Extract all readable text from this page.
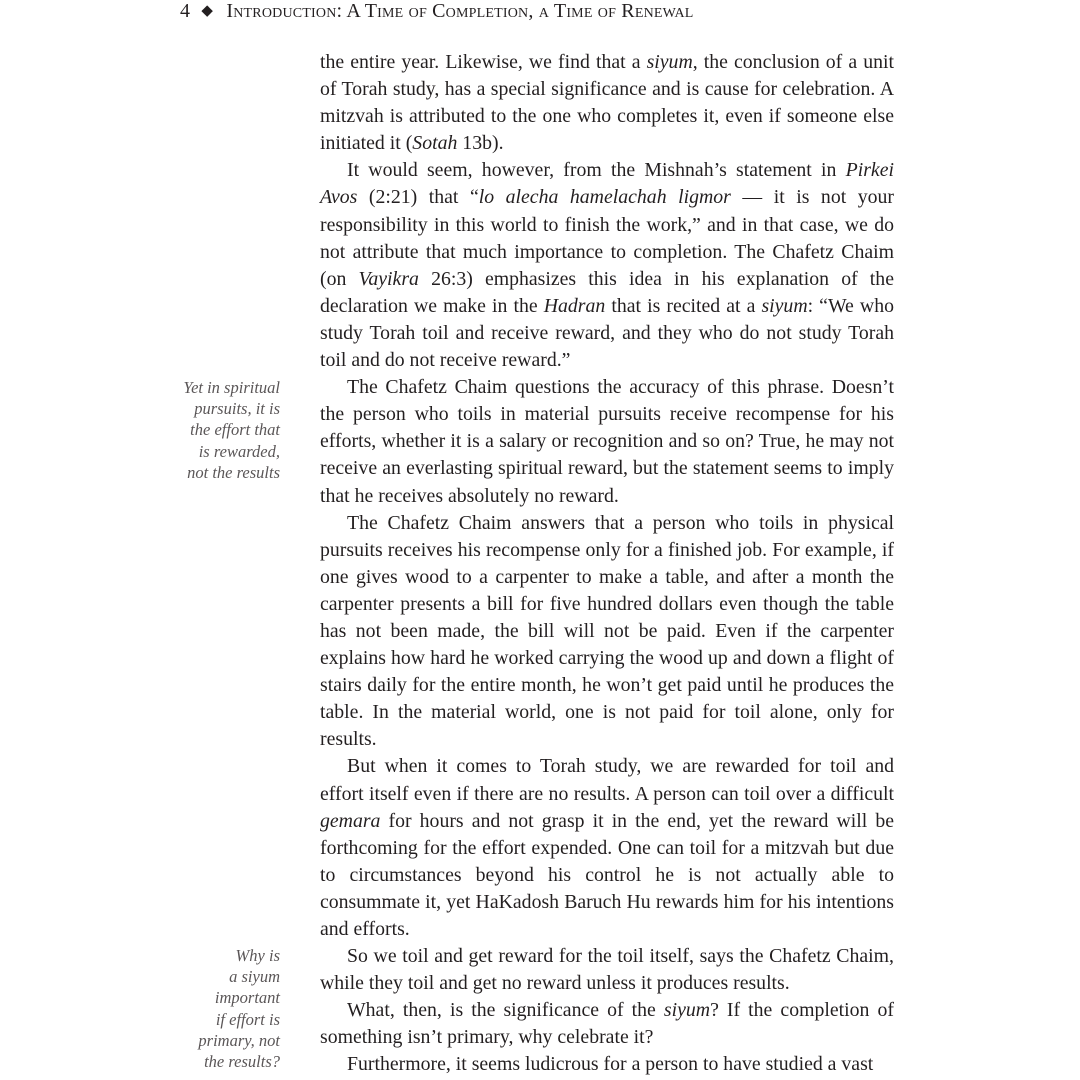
4 ◆ Introduction: A Time of Completion, a Time of Renewal
Yet in spiritual
pursuits, it is
the effort that
is rewarded,
not the results
Why is
a siyum
important
if effort is
primary, not
the results?

the entire year. Likewise, we find that a siyum, the conclusion of a unit of Torah study, has a special significance and is cause for celebration. A mitzvah is attributed to the one who completes it, even if someone else initiated it (Sotah 13b).

It would seem, however, from the Mishnah’s statement in Pirkei Avos (2:21) that “lo alecha hamelachah ligmor — it is not your responsibility in this world to finish the work,” and in that case, we do not attribute that much importance to completion. The Chafetz Chaim (on Vayikra 26:3) emphasizes this idea in his explanation of the declaration we make in the Hadran that is recited at a siyum: “We who study Torah toil and receive reward, and they who do not study Torah toil and do not receive reward.”

The Chafetz Chaim questions the accuracy of this phrase. Doesn’t the person who toils in material pursuits receive recompense for his efforts, whether it is a salary or recognition and so on? True, he may not receive an everlasting spiritual reward, but the statement seems to imply that he receives absolutely no reward.

The Chafetz Chaim answers that a person who toils in physical pursuits receives his recompense only for a finished job. For example, if one gives wood to a carpenter to make a table, and after a month the carpenter presents a bill for five hundred dollars even though the table has not been made, the bill will not be paid. Even if the carpenter explains how hard he worked carrying the wood up and down a flight of stairs daily for the entire month, he won’t get paid until he produces the table. In the material world, one is not paid for toil alone, only for results.

But when it comes to Torah study, we are rewarded for toil and effort itself even if there are no results. A person can toil over a difficult gemara for hours and not grasp it in the end, yet the reward will be forthcoming for the effort expended. One can toil for a mitzvah but due to circumstances beyond his control he is not actually able to consummate it, yet HaKadosh Baruch Hu rewards him for his intentions and efforts.

So we toil and get reward for the toil itself, says the Chafetz Chaim, while they toil and get no reward unless it produces results.

What, then, is the significance of the siyum? If the completion of something isn’t primary, why celebrate it?

Furthermore, it seems ludicrous for a person to have studied a vast
